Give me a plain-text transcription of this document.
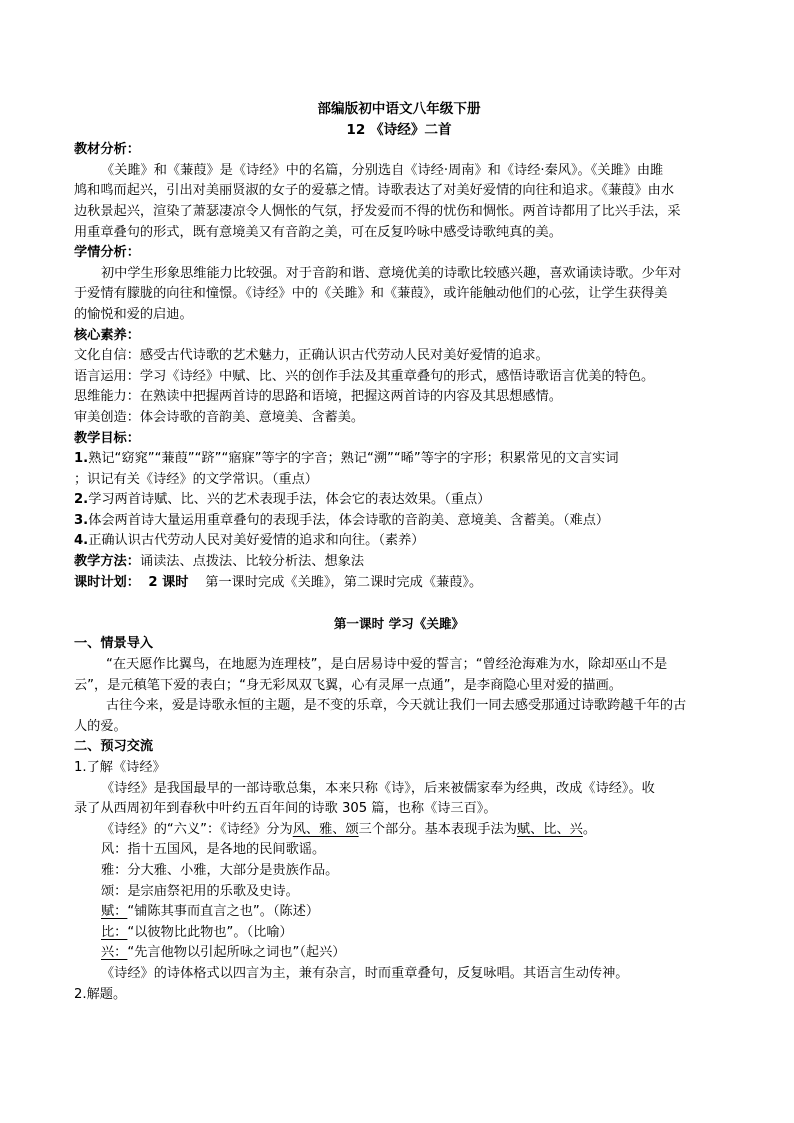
部编版初中语文八年级下册
12 《诗经》二首
教材分析：
《关雎》和《蒹葭》是《诗经》中的名篇，分别选自《诗经·周南》和《诗经·秦风》。《关雎》由雎
鸠和鸣而起兴，引出对美丽贤淑的女子的爱慕之情。诗歌表达了对美好爱情的向往和追求。《蒹葭》由水
边秋景起兴，渲染了萧瑟凄凉令人惆怅的气氛，抒发爱而不得的忧伤和惆怅。两首诗都用了比兴手法，采
用重章叠句的形式，既有意境美又有音韵之美，可在反复吟咏中感受诗歌纯真的美。
学情分析：
初中学生形象思维能力比较强。对于音韵和谐、意境优美的诗歌比较感兴趣，喜欢诵读诗歌。少年对
于爱情有朦胧的向往和憧憬。《诗经》中的《关雎》和《蒹葭》，或许能触动他们的心弦，让学生获得美
的愉悦和爱的启迪。
核心素养：
文化自信：感受古代诗歌的艺术魅力，正确认识古代劳动人民对美好爱情的追求。
语言运用：学习《诗经》中赋、比、兴的创作手法及其重章叠句的形式，感悟诗歌语言优美的特色。
思维能力：在熟读中把握两首诗的思路和语境，把握这两首诗的内容及其思想感情。
审美创造：体会诗歌的音韵美、意境美、含蓄美。
教学目标：
1.熟记“窈窕”“蒹葭”“跻”“寤寐”等字的字音；熟记“溯”“晞”等字的字形；积累常见的文言实词
；识记有关《诗经》的文学常识。（重点）
2.学习两首诗赋、比、兴的艺术表现手法，体会它的表达效果。（重点）
3.体会两首诗大量运用重章叠句的表现手法，体会诗歌的音韵美、意境美、含蓄美。（难点）
4.正确认识古代劳动人民对美好爱情的追求和向往。（素养）
教学方法：诵读法、点拨法、比较分析法、想象法
课时计划： 2 课时 第一课时完成《关雎》，第二课时完成《蒹葭》。
第一课时 学习《关雎》
一、情景导入
“在天愿作比翼鸟，在地愿为连理枝”，是白居易诗中爱的誓言；“曾经沧海难为水，除却巫山不是
云”，是元稹笔下爱的表白；“身无彩凤双飞翼，心有灵犀一点通”，是李商隐心里对爱的描画。
古往今来，爱是诗歌永恒的主题，是不变的乐章，今天就让我们一同去感受那通过诗歌跨越千年的古
人的爱。
二、预习交流
1.了解《诗经》
《诗经》是我国最早的一部诗歌总集，本来只称《诗》，后来被儒家奉为经典，改成《诗经》。收
录了从西周初年到春秋中叶约五百年间的诗歌 305 篇，也称《诗三百》。
《诗经》的“六义”：《诗经》分为风、雅、颂三个部分。基本表现手法为赋、比、兴。
风：指十五国风，是各地的民间歌谣。
雅：分大雅、小雅，大部分是贵族作品。
颂：是宗庙祭祀用的乐歌及史诗。
赋：“铺陈其事而直言之也”。（陈述）
比：“以彼物比此物也”。（比喻）
兴：“先言他物以引起所咏之词也”（起兴）
《诗经》的诗体格式以四言为主，兼有杂言，时而重章叠句，反复咏唱。其语言生动传神。
2.解题。
